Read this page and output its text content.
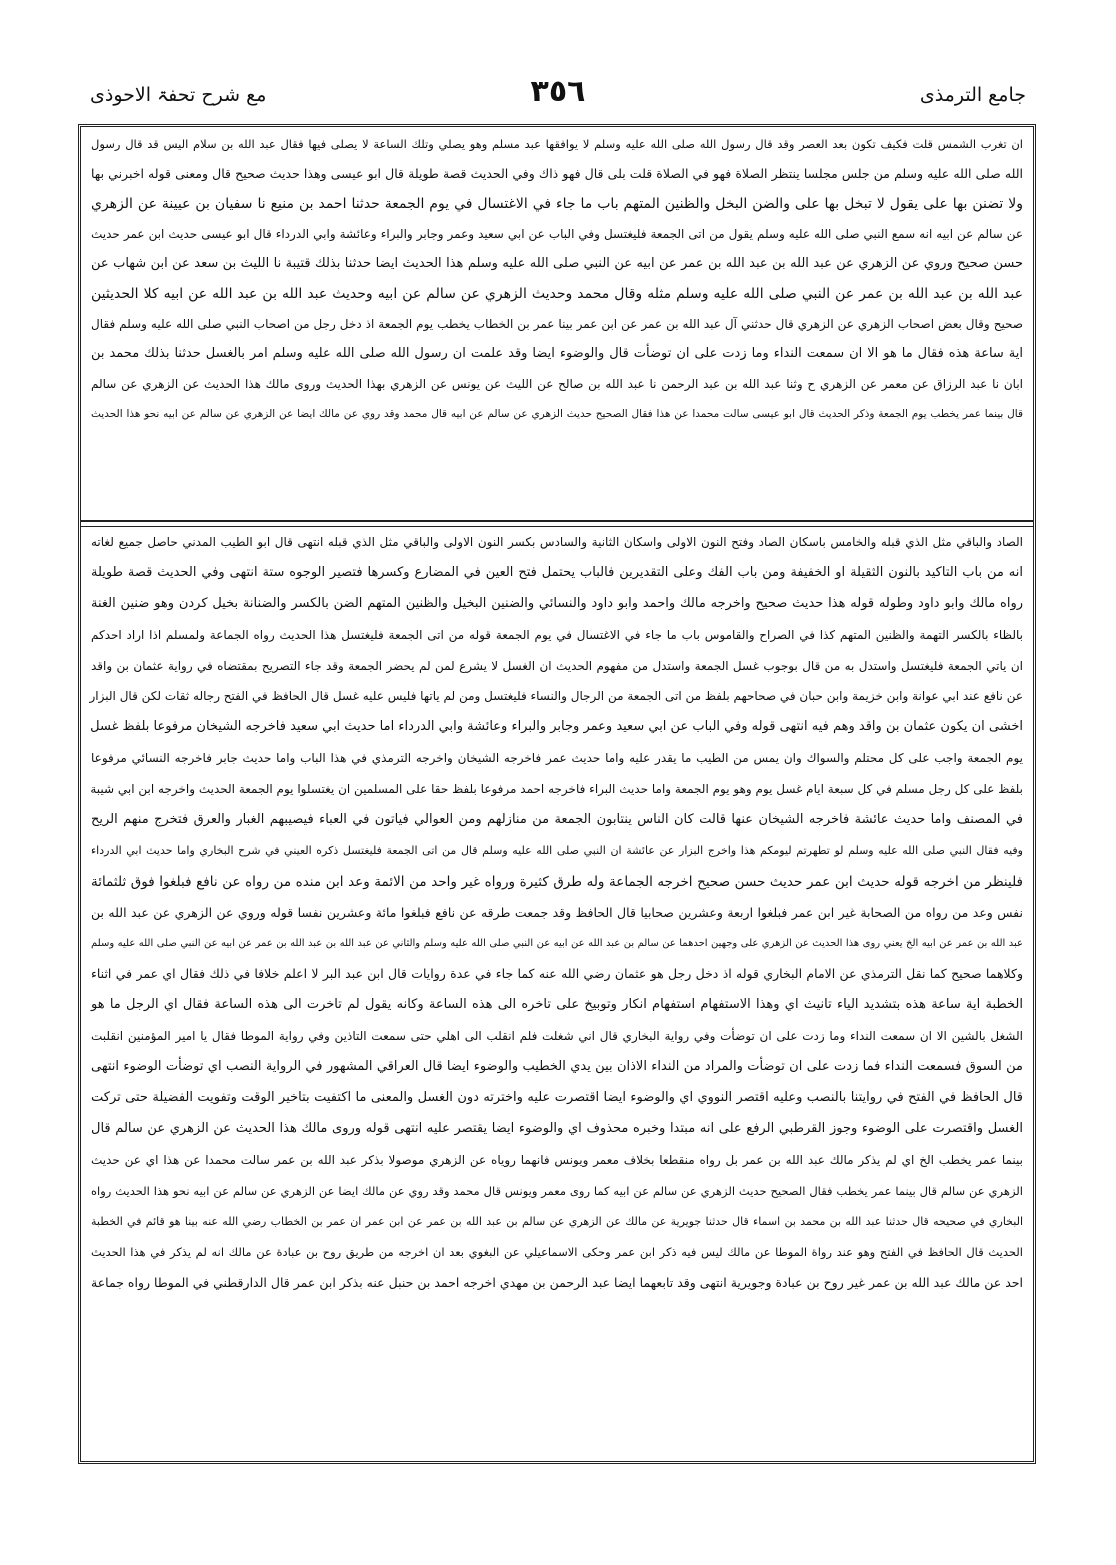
جامع الترمذی
٣٥٦
مع شرح تحفۃ الاحوذی
ان تغرب الشمس قلت فكيف تكون بعد العصر وقد قال رسول الله صلى الله عليه وسلم لا يوافقها عبد مسلم وهو يصلي وتلك الساعة لا يصلى فيها فقال عبد الله بن سلام اليس قد قال رسول
الله صلى الله عليه وسلم من جلس مجلسا ينتظر الصلاة فهو في الصلاة قلت بلى قال فهو ذاك وفي الحديث قصة طويلة قال ابو عيسى وهذا حديث صحيح قال ومعنى قوله اخبرني بها
ولا تضنن بها على يقول لا تبخل بها على والضن البخل والظنين المتهم باب ما جاء في الاغتسال في يوم الجمعة حدثنا احمد بن منيع نا سفيان بن عيينة عن الزهري
عن سالم عن ابيه انه سمع النبي صلى الله عليه وسلم يقول من اتى الجمعة فليغتسل وفي الباب عن ابي سعيد وعمر وجابر والبراء وعائشة وابي الدرداء قال ابو عيسى حديث ابن عمر حديث
حسن صحيح وروي عن الزهري عن عبد الله بن عبد الله بن عمر عن ابيه عن النبي صلى الله عليه وسلم هذا الحديث ايضا حدثنا بذلك قتيبة نا الليث بن سعد عن ابن شهاب عن
عبد الله بن عبد الله بن عمر عن النبي صلى الله عليه وسلم مثله وقال محمد وحديث الزهري عن سالم عن ابيه وحديث عبد الله بن عبد الله عن ابيه كلا الحديثين
صحيح وقال بعض اصحاب الزهري عن الزهري قال حدثني آل عبد الله بن عمر عن ابن عمر بينا عمر بن الخطاب يخطب يوم الجمعة اذ دخل رجل من اصحاب النبي صلى الله عليه وسلم فقال
اية ساعة هذه فقال ما هو الا ان سمعت النداء وما زدت على ان توضأت قال والوضوء ايضا وقد علمت ان رسول الله صلى الله عليه وسلم امر بالغسل حدثنا بذلك محمد بن
ابان نا عبد الرزاق عن معمر عن الزهري ح وثنا عبد الله بن عبد الرحمن نا عبد الله بن صالح عن الليث عن يونس عن الزهري بهذا الحديث وروى مالك هذا الحديث عن الزهري عن سالم
قال بينما عمر يخطب يوم الجمعة وذكر الحديث قال ابو عيسى سالت محمدا عن هذا فقال الصحيح حديث الزهري عن سالم عن ابيه قال محمد وقد روي عن مالك ايضا عن الزهري عن سالم عن ابيه نحو هذا الحديث
الصاد والباقي مثل الذي قبله والخامس باسكان الصاد وفتح النون الاولى واسكان الثانية والسادس بكسر النون الاولى والباقي مثل الذي قبله انتهى قال ابو الطيب المدني حاصل جميع لغاته
انه من باب التاكيد بالنون الثقيلة او الخفيفة ومن باب الفك وعلى التقديرين فالباب يحتمل فتح العين في المضارع وكسرها فتصير الوجوه ستة انتهى وفي الحديث قصة طويلة
رواه مالك وابو داود وطوله قوله هذا حديث صحيح واخرجه مالك واحمد وابو داود والنسائي والضنين البخيل والظنين المتهم الضن بالكسر والضنانة بخيل كردن وهو ضنين الغنة
بالظاء بالكسر التهمة والظنين المتهم كذا في الصراح والقاموس باب ما جاء في الاغتسال في يوم الجمعة قوله من اتى الجمعة فليغتسل هذا الحديث رواه الجماعة ولمسلم اذا اراد احدكم
ان ياتي الجمعة فليغتسل واستدل به من قال بوجوب غسل الجمعة واستدل من مفهوم الحديث ان الغسل لا يشرع لمن لم يحضر الجمعة وقد جاء التصريح بمقتضاه في رواية عثمان بن واقد
عن نافع عند ابي عوانة وابن خزيمة وابن حبان في صحاحهم بلفظ من اتى الجمعة من الرجال والنساء فليغتسل ومن لم ياتها فليس عليه غسل قال الحافظ في الفتح رجاله ثقات لكن قال البزار
اخشى ان يكون عثمان بن واقد وهم فيه انتهى قوله وفي الباب عن ابي سعيد وعمر وجابر والبراء وعائشة وابي الدرداء اما حديث ابي سعيد فاخرجه الشيخان مرفوعا بلفظ غسل
يوم الجمعة واجب على كل محتلم والسواك وان يمس من الطيب ما يقدر عليه واما حديث عمر فاخرجه الشيخان واخرجه الترمذي في هذا الباب واما حديث جابر فاخرجه النسائي مرفوعا
بلفظ على كل رجل مسلم في كل سبعة ايام غسل يوم وهو يوم الجمعة واما حديث البراء فاخرجه احمد مرفوعا بلفظ حقا على المسلمين ان يغتسلوا يوم الجمعة الحديث واخرجه ابن ابي شيبة
في المصنف واما حديث عائشة فاخرجه الشيخان عنها قالت كان الناس ينتابون الجمعة من منازلهم ومن العوالي فياتون في العباء فيصيبهم الغبار والعرق فتخرج منهم الريح
وفيه فقال النبي صلى الله عليه وسلم لو تطهرتم ليومكم هذا واخرج البزار عن عائشة ان النبي صلى الله عليه وسلم قال من اتى الجمعة فليغتسل ذكره العيني في شرح البخاري واما حديث ابي الدرداء
فلينظر من اخرجه قوله حديث ابن عمر حديث حسن صحيح اخرجه الجماعة وله طرق كثيرة ورواه غير واحد من الائمة وعد ابن منده من رواه عن نافع فبلغوا فوق ثلثمائة
نفس وعد من رواه من الصحابة غير ابن عمر فبلغوا اربعة وعشرين صحابيا قال الحافظ وقد جمعت طرقه عن نافع فبلغوا مائة وعشرين نفسا قوله وروي عن الزهري عن عبد الله بن
عبد الله بن عمر عن ابيه الخ يعني روى هذا الحديث عن الزهري على وجهين احدهما عن سالم بن عبد الله عن ابيه عن النبي صلى الله عليه وسلم والثاني عن عبد الله بن عبد الله بن عمر عن ابيه عن النبي صلى الله عليه وسلم
وكلاهما صحيح كما نقل الترمذي عن الامام البخاري قوله اذ دخل رجل هو عثمان رضي الله عنه كما جاء في عدة روايات قال ابن عبد البر لا اعلم خلافا في ذلك فقال اي عمر في اثناء
الخطبة اية ساعة هذه بتشديد الياء تانيث اي وهذا الاستفهام استفهام انكار وتوبيخ على تاخره الى هذه الساعة وكانه يقول لم تاخرت الى هذه الساعة فقال اي الرجل ما هو
الشغل بالشين الا ان سمعت النداء وما زدت على ان توضأت وفي رواية البخاري قال اني شغلت فلم انقلب الى اهلي حتى سمعت التاذين وفي رواية الموطا فقال يا امير المؤمنين انقلبت
من السوق فسمعت النداء فما زدت على ان توضأت والمراد من النداء الاذان بين يدي الخطيب والوضوء ايضا قال العراقي المشهور في الرواية النصب اي توضأت الوضوء انتهى
قال الحافظ في الفتح في روايتنا بالنصب وعليه اقتصر النووي اي والوضوء ايضا اقتصرت عليه واخترته دون الغسل والمعنى ما اكتفيت بتاخير الوقت وتفويت الفضيلة حتى تركت
الغسل واقتصرت على الوضوء وجوز القرطبي الرفع على انه مبتدا وخبره محذوف اي والوضوء ايضا يقتصر عليه انتهى قوله وروى مالك هذا الحديث عن الزهري عن سالم قال
بينما عمر يخطب الخ اي لم يذكر مالك عبد الله بن عمر بل رواه منقطعا بخلاف معمر ويونس فانهما روياه عن الزهري موصولا بذكر عبد الله بن عمر سالت محمدا عن هذا اي عن حديث
الزهري عن سالم قال بينما عمر يخطب فقال الصحيح حديث الزهري عن سالم عن ابيه كما روى معمر ويونس قال محمد وقد روي عن مالك ايضا عن الزهري عن سالم عن ابيه نحو هذا الحديث رواه
البخاري في صحيحه قال حدثنا عبد الله بن محمد بن اسماء قال حدثنا جويرية عن مالك عن الزهري عن سالم بن عبد الله بن عمر عن ابن عمر ان عمر بن الخطاب رضي الله عنه بينا هو قائم في الخطبة
الحديث قال الحافظ في الفتح وهو عند رواة الموطا عن مالك ليس فيه ذكر ابن عمر وحكى الاسماعيلي عن البغوي بعد ان اخرجه من طريق روح بن عبادة عن مالك انه لم يذكر في هذا الحديث
احد عن مالك عبد الله بن عمر غير روح بن عبادة وجويرية انتهى وقد تابعهما ايضا عبد الرحمن بن مهدي اخرجه احمد بن حنبل عنه بذكر ابن عمر قال الدارقطني في الموطا رواه جماعة
